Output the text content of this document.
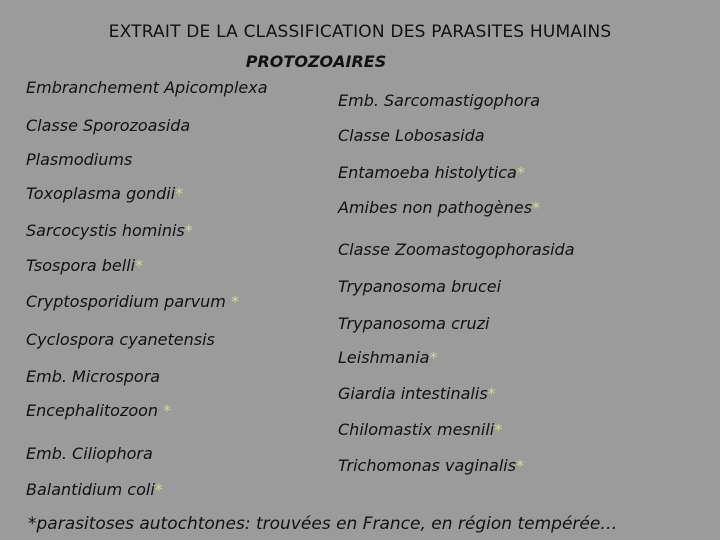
EXTRAIT DE LA CLASSIFICATION DES PARASITES HUMAINS
PROTOZOAIRES
Embranchement Apicomplexa
Classe Sporozoasida
Plasmodiums
Toxoplasma gondii*
Sarcocystis hominis*
Tsospora belli*
Cryptosporidium parvum *
Cyclospora cyanetensis
Emb. Microspora
Encephalitozoon *
Emb. Ciliophora
Balantidium coli*
Emb. Sarcomastigophora
Classe Lobosasida
Entamoeba histolytica*
Amibes non pathogènes*
Classe Zoomastogophorasida
Trypanosoma brucei
Trypanosoma cruzi
Leishmania*
Giardia intestinalis*
Chilomastix mesnili*
Trichomonas vaginalis*
*parasitoses autochtones: trouvées en France, en région tempérée…
